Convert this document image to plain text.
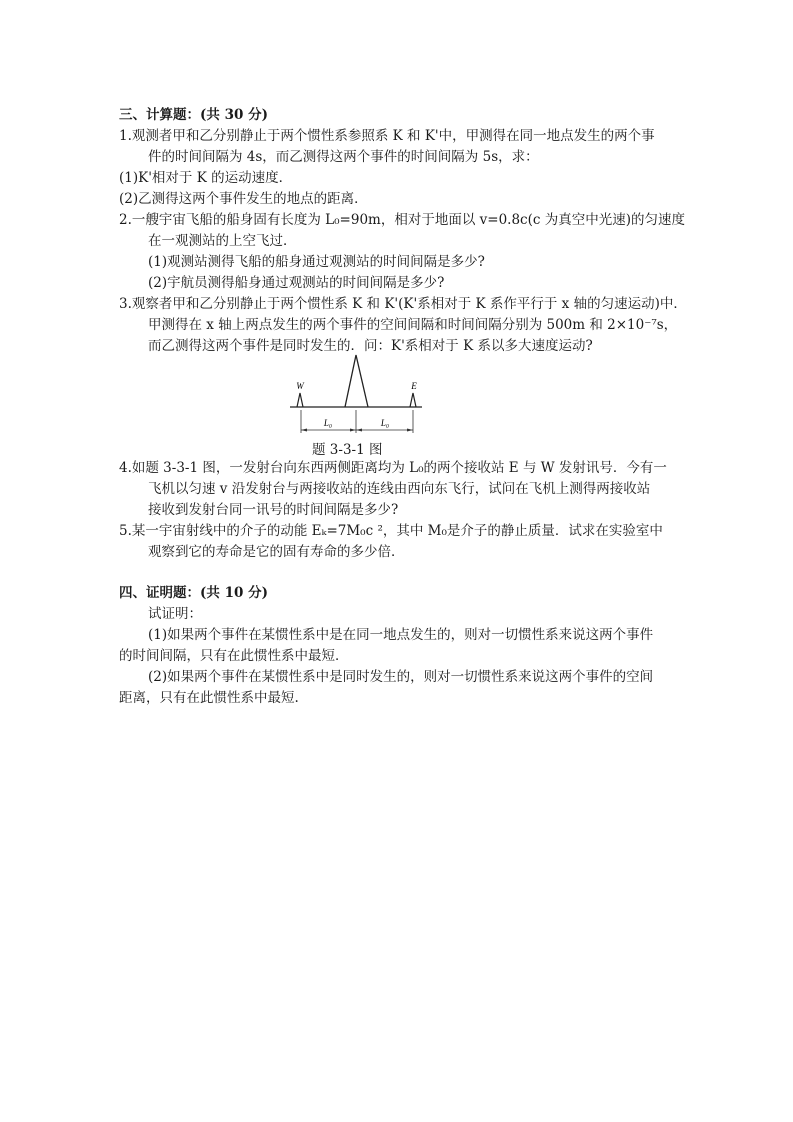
三、计算题：(共 30 分)
1.观测者甲和乙分别静止于两个惯性系参照系 K 和 K'中，甲测得在同一地点发生的两个事
件的时间间隔为 4s，而乙测得这两个事件的时间间隔为 5s，求：
(1)K'相对于 K 的运动速度．
(2)乙测得这两个事件发生的地点的距离．
2.一艘宇宙飞船的船身固有长度为 L₀=90m，相对于地面以 v=0.8c(c 为真空中光速)的匀速度
在一观测站的上空飞过．
(1)观测站测得飞船的船身通过观测站的时间间隔是多少?
(2)宇航员测得船身通过观测站的时间间隔是多少?
3.观察者甲和乙分别静止于两个惯性系 K 和 K'(K'系相对于 K 系作平行于 x 轴的匀速运动)中．
甲测得在 x 轴上两点发生的两个事件的空间间隔和时间间隔分别为 500m 和 2×10⁻⁷s，
而乙测得这两个事件是同时发生的．问：K'系相对于 K 系以多大速度运动?
W	E
L₀	L₀
题 3-3-1 图
4.如题 3-3-1 图，一发射台向东西两侧距离均为 L₀的两个接收站 E 与 W 发射讯号．今有一
飞机以匀速 v 沿发射台与两接收站的连线由西向东飞行，试问在飞机上测得两接收站
接收到发射台同一讯号的时间间隔是多少?
5.某一宇宙射线中的介子的动能 Eₖ=7M₀c ²，其中 M₀是介子的静止质量．试求在实验室中
观察到它的寿命是它的固有寿命的多少倍．
四、证明题：(共 10 分)
试证明：
(1)如果两个事件在某惯性系中是在同一地点发生的，则对一切惯性系来说这两个事件
的时间间隔，只有在此惯性系中最短．
(2)如果两个事件在某惯性系中是同时发生的，则对一切惯性系来说这两个事件的空间
距离，只有在此惯性系中最短.
